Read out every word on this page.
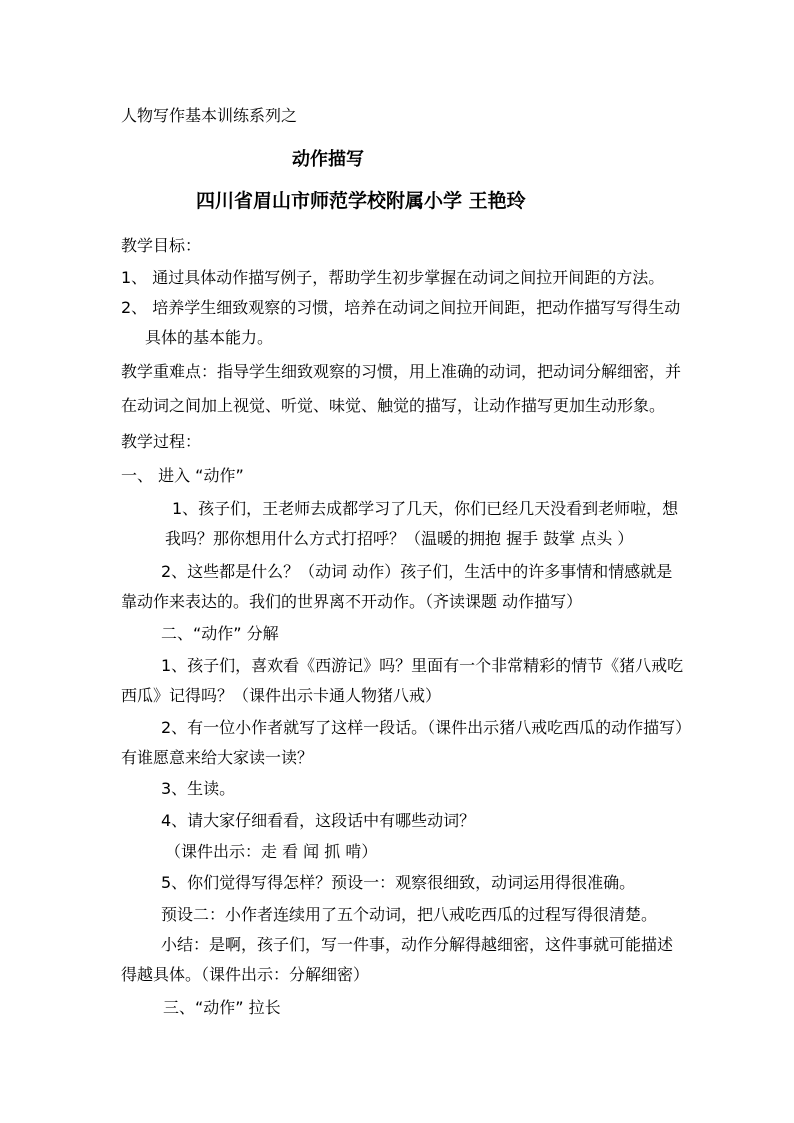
人物写作基本训练系列之
动作描写
四川省眉山市师范学校附属小学 王艳玲
教学目标：
1、 通过具体动作描写例子，帮助学生初步掌握在动词之间拉开间距的方法。
2、 培养学生细致观察的习惯，培养在动词之间拉开间距，把动作描写写得生动
具体的基本能力。
教学重难点：指导学生细致观察的习惯，用上准确的动词，把动词分解细密，并
在动词之间加上视觉、听觉、味觉、触觉的描写，让动作描写更加生动形象。
教学过程：
一、 进入 “动作”
1、孩子们，王老师去成都学习了几天，你们已经几天没看到老师啦，想
我吗？那你想用什么方式打招呼？（温暖的拥抱 握手 鼓掌 点头 ）
2、这些都是什么？（动词 动作）孩子们，生活中的许多事情和情感就是
靠动作来表达的。我们的世界离不开动作。（齐读课题 动作描写）
二、“动作” 分解
1、孩子们，喜欢看《西游记》吗？里面有一个非常精彩的情节《猪八戒吃
西瓜》记得吗？（课件出示卡通人物猪八戒）
2、有一位小作者就写了这样一段话。（课件出示猪八戒吃西瓜的动作描写）
有谁愿意来给大家读一读？
3、生读。
4、请大家仔细看看，这段话中有哪些动词？
（课件出示：走 看 闻 抓 啃）
5、你们觉得写得怎样？预设一：观察很细致，动词运用得很准确。
预设二：小作者连续用了五个动词，把八戒吃西瓜的过程写得很清楚。
小结：是啊，孩子们，写一件事，动作分解得越细密，这件事就可能描述
得越具体。（课件出示：分解细密）
三、“动作” 拉长
